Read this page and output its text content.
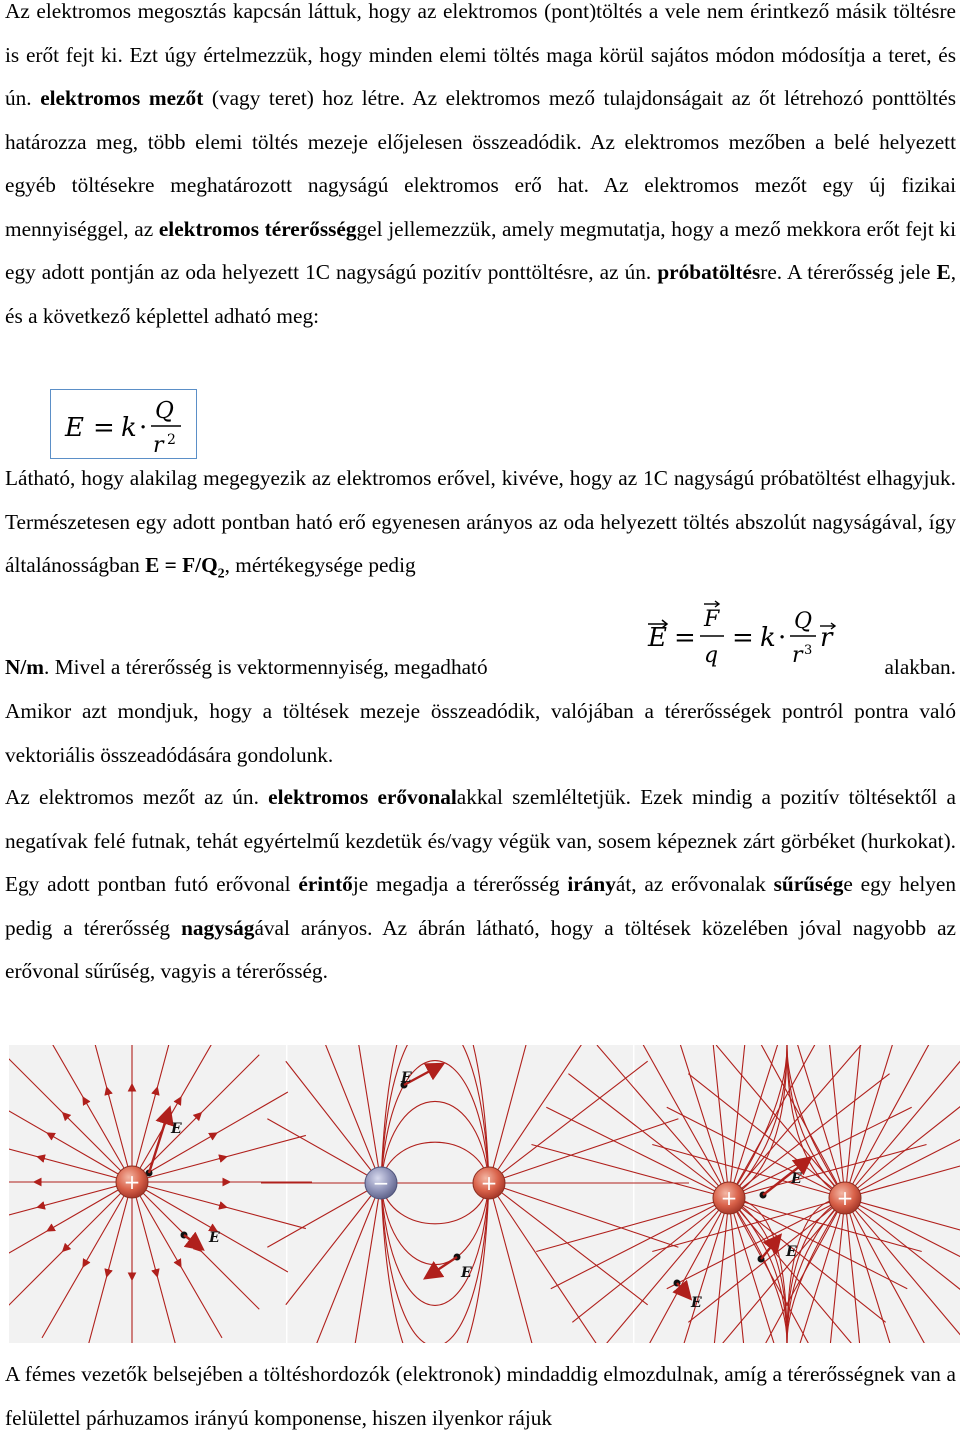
Az elektromos megosztás kapcsán láttuk, hogy az elektromos (pont)töltés a vele nem érintkező másik töltésre is erőt fejt ki. Ezt úgy értelmezzük, hogy minden elemi töltés maga körül sajátos módon módosítja a teret, és ún. elektromos mezőt (vagy teret) hoz létre. Az elektromos mező tulajdonságait az őt létrehozó ponttöltés határozza meg, több elemi töltés mezeje előjelesen összeadódik. Az elektromos mezőben a belé helyezett egyéb töltésekre meghatározott nagyságú elektromos erő hat. Az elektromos mezőt egy új fizikai mennyiséggel, az elektromos térerősséggel jellemezzük, amely megmutatja, hogy a mező mekkora erőt fejt ki egy adott pontján az oda helyezett 1C nagyságú pozitív ponttöltésre, az ún. próbatöltésre. A térerősség jele E, és a következő képlettel adható meg:

E = k ·
Q
r 2

Látható, hogy alakilag megegyezik az elektromos erővel, kivéve, hogy az 1C nagyságú próbatöltést elhagyjuk. Természetesen egy adott pontban ható erő egyenesen arányos az oda helyezett töltés abszolút nagyságával, így általánosságban $E = F/Q_2$, mértékegysége pedig

E =
F
q
= k ·
Q
r 3 r
N/m. Mivel a térerősség is vektormennyiség, megadható	alakban.

Amikor azt mondjuk, hogy a töltések mezeje összeadódik, valójában a térerősségek pontról pontra való vektoriális összeadódására gondolunk.

Az elektromos mezőt az ún. elektromos erővonalakkal szemléltetjük. Ezek mindig a pozitív töltésektől a negatívak felé futnak, tehát egyértelmű kezdetük és/vagy végük van, sosem képeznek zárt görbéket (hurkokat). Egy adott pontban futó erővonal érintője megadja a térerősség irányát, az erővonalak sűrűsége egy helyen pedig a térerősség nagyságával arányos. Az ábrán látható, hogy a töltések közelében jóval nagyobb az erővonal sűrűség, vagyis a térerősség.

E
E
E
E
E
E
E
+	−	+
+	+

A fémes vezetők belsejében a töltéshordozók (elektronok) mindaddig elmozdulnak, amíg a térerősségnek van a felülettel párhuzamos irányú komponense, hiszen ilyenkor rájuk
